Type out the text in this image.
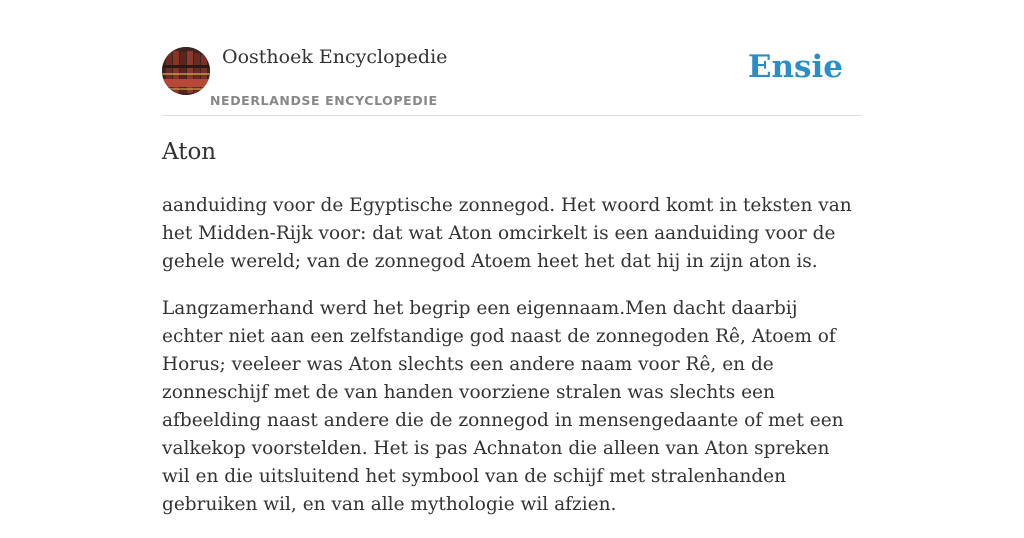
Oosthoek Encyclopedie
NEDERLANDSE ENCYCLOPEDIE
Ensie
Aton

aanduiding voor de Egyptische zonnegod. Het woord komt in teksten van het Midden-Rijk voor: dat wat Aton omcirkelt is een aanduiding voor de gehele wereld; van de zonnegod Atoem heet het dat hij in zijn aton is.

Langzamerhand werd het begrip een eigennaam.Men dacht daarbij echter niet aan een zelfstandige god naast de zonnegoden Rê, Atoem of Horus; veeleer was Aton slechts een andere naam voor Rê, en de zonneschijf met de van handen voorziene stralen was slechts een afbeelding naast andere die de zonnegod in mensengedaante of met een valkekop voorstelden. Het is pas Achnaton die alleen van Aton spreken wil en die uitsluitend het symbool van de schijf met stralenhanden gebruiken wil, en van alle mythologie wil afzien.
